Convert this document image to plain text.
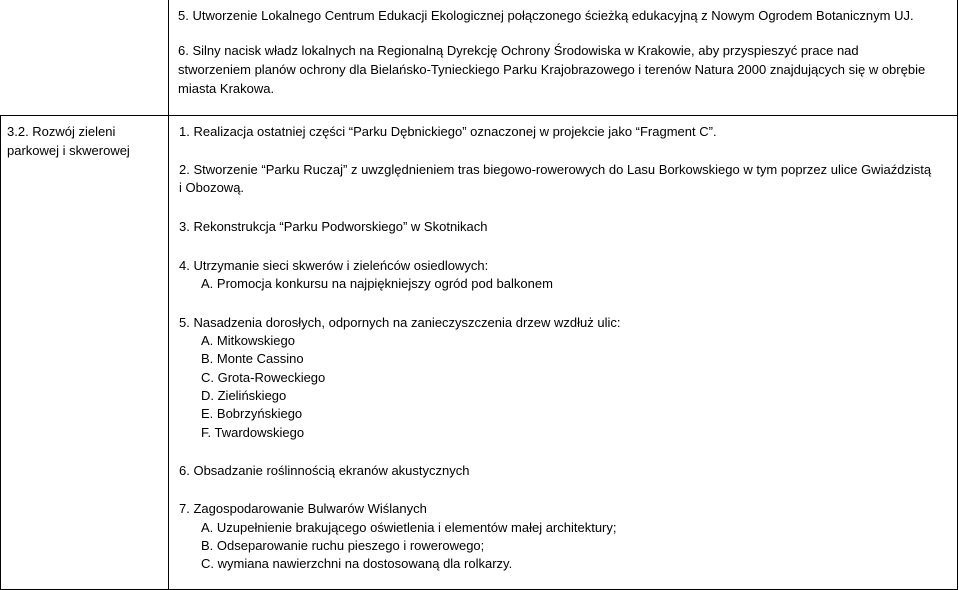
5. Utworzenie Lokalnego Centrum Edukacji Ekologicznej połączonego ścieżką edukacyjną z Nowym Ogrodem Botanicznym UJ.
6. Silny nacisk władz lokalnych na Regionalną Dyrekcję Ochrony Środowiska w Krakowie, aby przyspieszyć prace nad
stworzeniem planów ochrony dla Bielańsko-Tynieckiego Parku Krajobrazowego i terenów Natura 2000 znajdujących się w obrębie
miasta Krakowa.
3.2. Rozwój zieleni
parkowej i skwerowej
1. Realizacja ostatniej części “Parku Dębnickiego” oznaczonej w projekcie jako “Fragment C”.
2. Stworzenie “Parku Ruczaj” z uwzględnieniem tras biegowo-rowerowych do Lasu Borkowskiego w tym poprzez ulice Gwiaździstą
i Obozową.
3. Rekonstrukcja “Parku Podworskiego” w Skotnikach
4. Utrzymanie sieci skwerów i zieleńców osiedlowych:
A. Promocja konkursu na najpiękniejszy ogród pod balkonem
5. Nasadzenia dorosłych, odpornych na zanieczyszczenia drzew wzdłuż ulic:
A. Mitkowskiego
B. Monte Cassino
C. Grota-Roweckiego
D. Zielińskiego
E. Bobrzyńskiego
F. Twardowskiego
6. Obsadzanie roślinnością ekranów akustycznych
7. Zagospodarowanie Bulwarów Wiślanych
A. Uzupełnienie brakującego oświetlenia i elementów małej architektury;
B. Odseparowanie ruchu pieszego i rowerowego;
C. wymiana nawierzchni na dostosowaną dla rolkarzy.
